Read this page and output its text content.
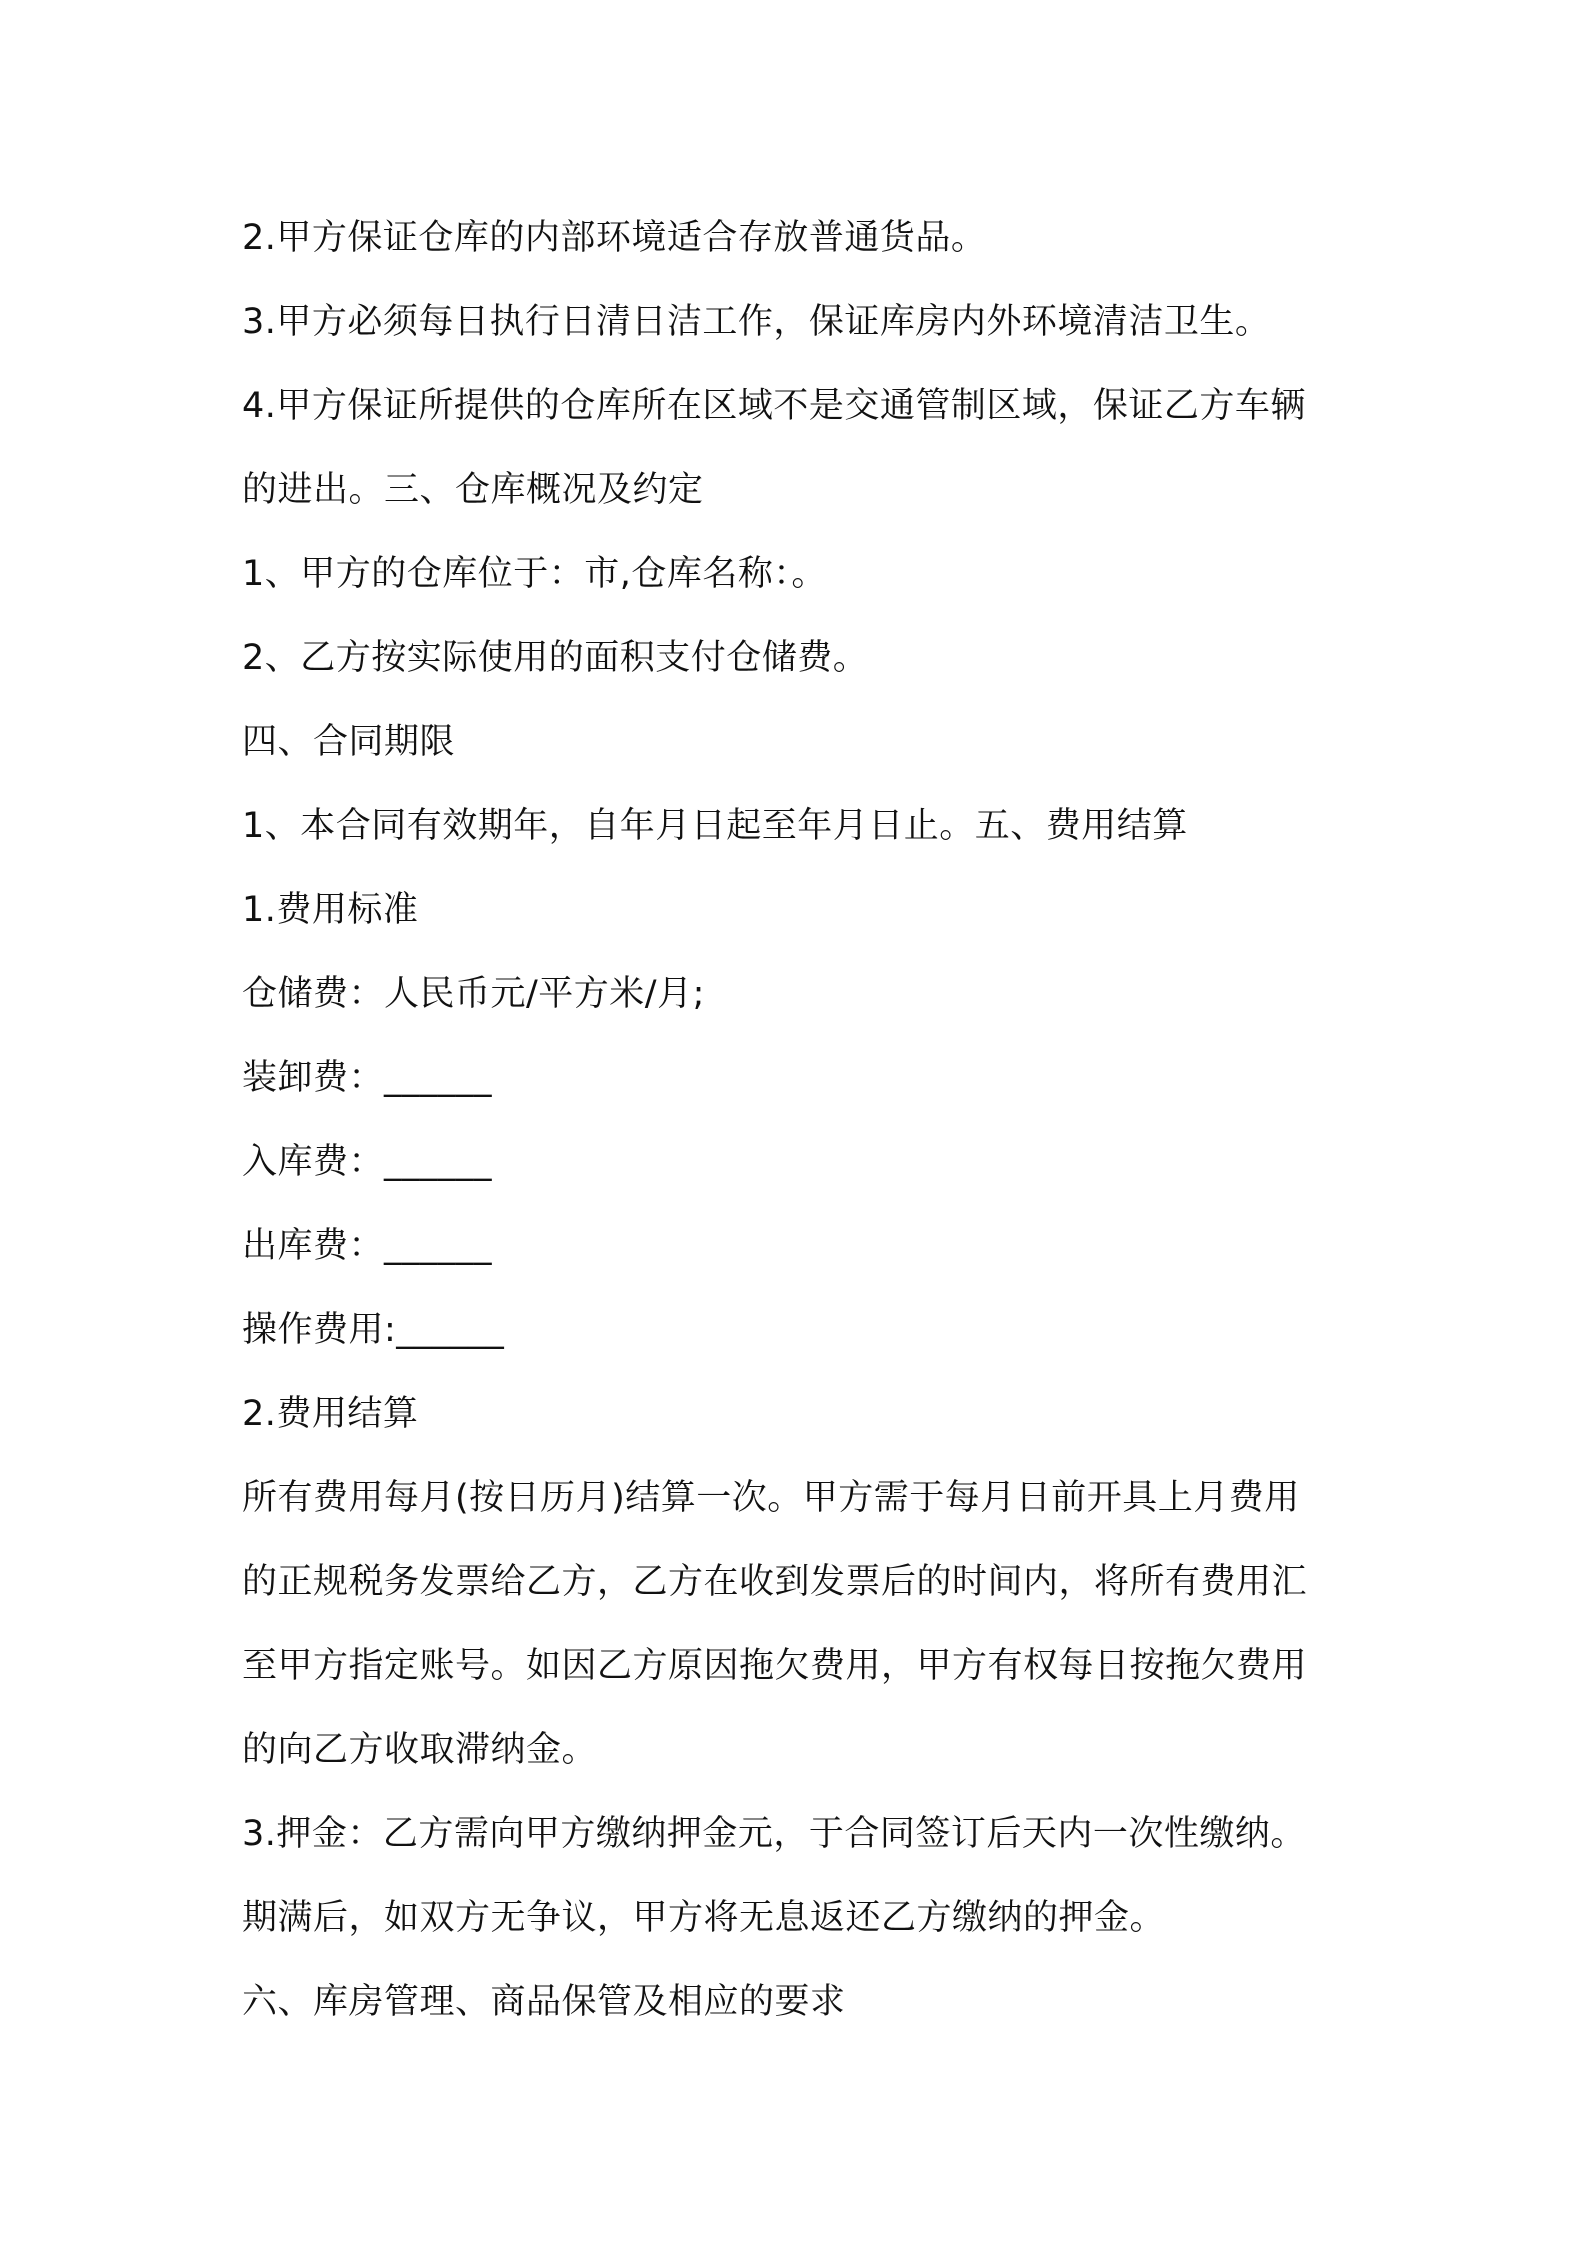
2.甲方保证仓库的内部环境适合存放普通货品。
3.甲方必须每日执行日清日洁工作，保证库房内外环境清洁卫生。
4.甲方保证所提供的仓库所在区域不是交通管制区域，保证乙方车辆
的进出。三、仓库概况及约定
1、甲方的仓库位于：市,仓库名称：。
2、乙方按实际使用的面积支付仓储费。
四、合同期限
1、本合同有效期年，自年月日起至年月日止。五、费用结算
1.费用标准
仓储费：人民币元/平方米/月;
装卸费：______
入库费：______
出库费：______
操作费用:______
2.费用结算
所有费用每月(按日历月)结算一次。甲方需于每月日前开具上月费用
的正规税务发票给乙方，乙方在收到发票后的时间内，将所有费用汇
至甲方指定账号。如因乙方原因拖欠费用，甲方有权每日按拖欠费用
的向乙方收取滞纳金。
3.押金：乙方需向甲方缴纳押金元，于合同签订后天内一次性缴纳。
期满后，如双方无争议，甲方将无息返还乙方缴纳的押金。
六、库房管理、商品保管及相应的要求
